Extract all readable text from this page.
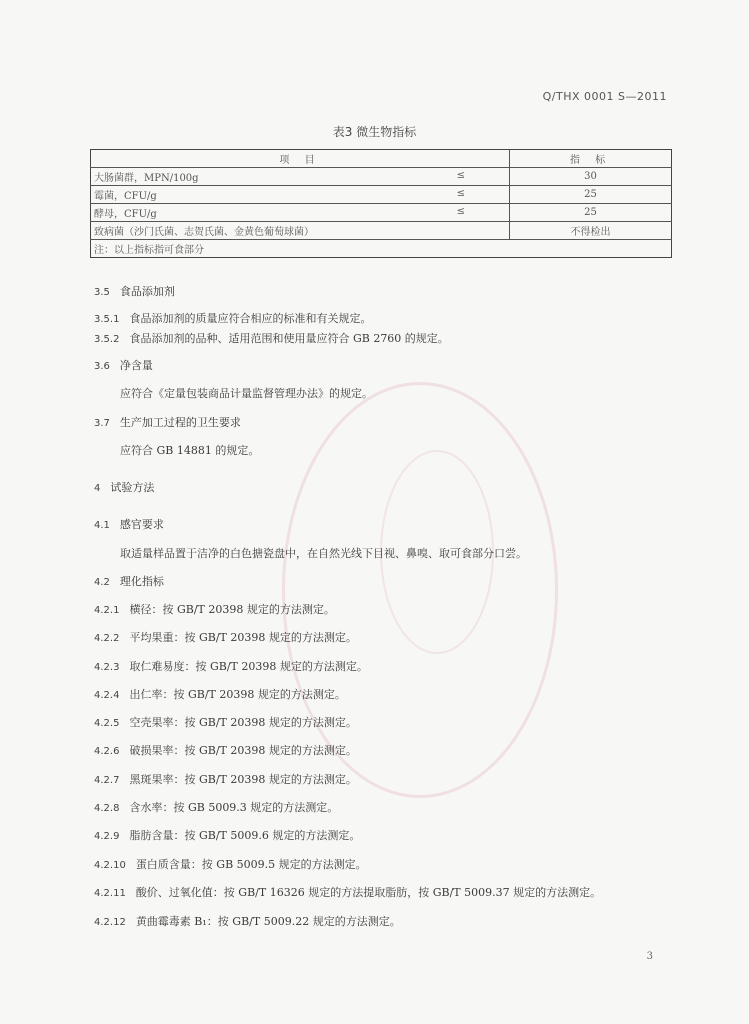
Q/THX 0001 S—2011
表3 微生物指标
项 目	指 标
大肠菌群，MPN/100g ≤	30
霉菌，CFU/g ≤	25
酵母，CFU/g ≤	25
致病菌（沙门氏菌、志贺氏菌、金黄色葡萄球菌）	不得检出
注：以上指标指可食部分	
3.5 食品添加剂
3.5.1 食品添加剂的质量应符合相应的标准和有关规定。
3.5.2 食品添加剂的品种、适用范围和使用量应符合 GB 2760 的规定。
3.6 净含量
应符合《定量包装商品计量监督管理办法》的规定。
3.7 生产加工过程的卫生要求
应符合 GB 14881 的规定。
4 试验方法
4.1 感官要求
取适量样品置于洁净的白色搪瓷盘中，在自然光线下目视、鼻嗅、取可食部分口尝。
4.2 理化指标
4.2.1 横径：按 GB/T 20398 规定的方法测定。
4.2.2 平均果重：按 GB/T 20398 规定的方法测定。
4.2.3 取仁难易度：按 GB/T 20398 规定的方法测定。
4.2.4 出仁率：按 GB/T 20398 规定的方法测定。
4.2.5 空壳果率：按 GB/T 20398 规定的方法测定。
4.2.6 破损果率：按 GB/T 20398 规定的方法测定。
4.2.7 黑斑果率：按 GB/T 20398 规定的方法测定。
4.2.8 含水率：按 GB 5009.3 规定的方法测定。
4.2.9 脂肪含量：按 GB/T 5009.6 规定的方法测定。
4.2.10 蛋白质含量：按 GB 5009.5 规定的方法测定。
4.2.11 酸价、过氧化值：按 GB/T 16326 规定的方法提取脂肪，按 GB/T 5009.37 规定的方法测定。
4.2.12 黄曲霉毒素 B₁：按 GB/T 5009.22 规定的方法测定。
3
